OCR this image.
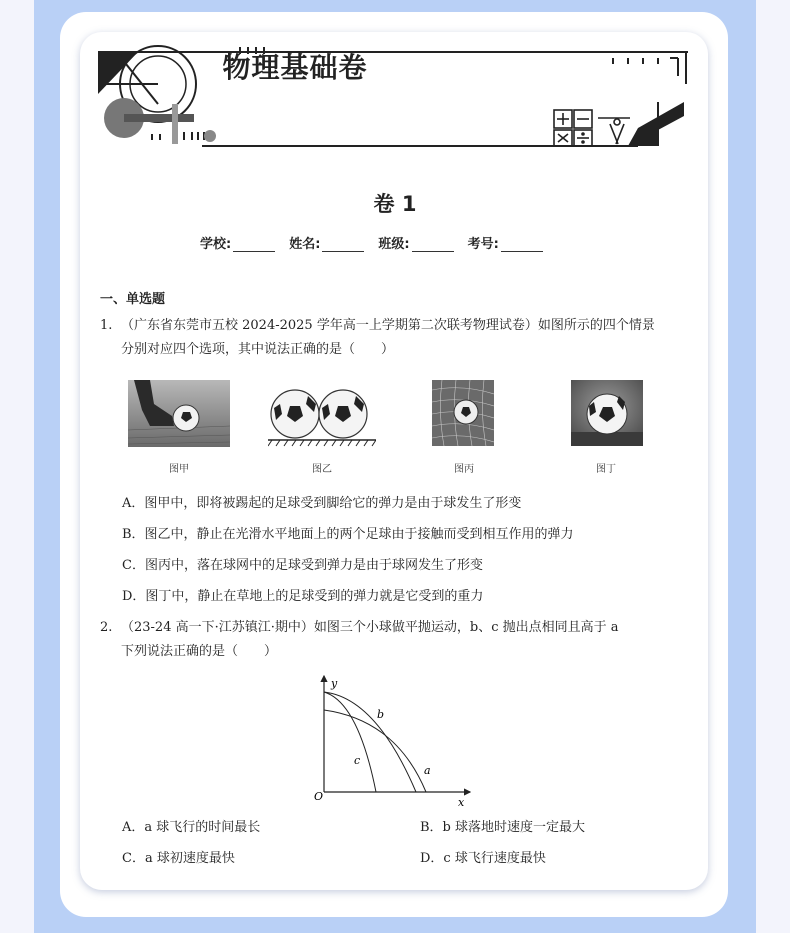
物理基础卷
卷 1
学校:	姓名:	班级:	考号:
一、单选题
1. （广东省东莞市五校 2024-2025 学年高一上学期第二次联考物理试卷）如图所示的四个情景
分别对应四个选项，其中说法正确的是（　　）
图甲	图乙	图丙	图丁
A．图甲中，即将被踢起的足球受到脚给它的弹力是由于球发生了形变
B．图乙中，静止在光滑水平地面上的两个足球由于接触而受到相互作用的弹力
C．图丙中，落在球网中的足球受到弹力是由于球网发生了形变
D．图丁中，静止在草地上的足球受到的弹力就是它受到的重力
2. （23-24 高一下·江苏镇江·期中）如图三个小球做平抛运动，b、c 抛出点相同且高于 a
下列说法正确的是（　　）
y
x
O
b
c
a
A．a 球飞行的时间最长	B．b 球落地时速度一定最大
C．a 球初速度最快	D．c 球飞行速度最快
